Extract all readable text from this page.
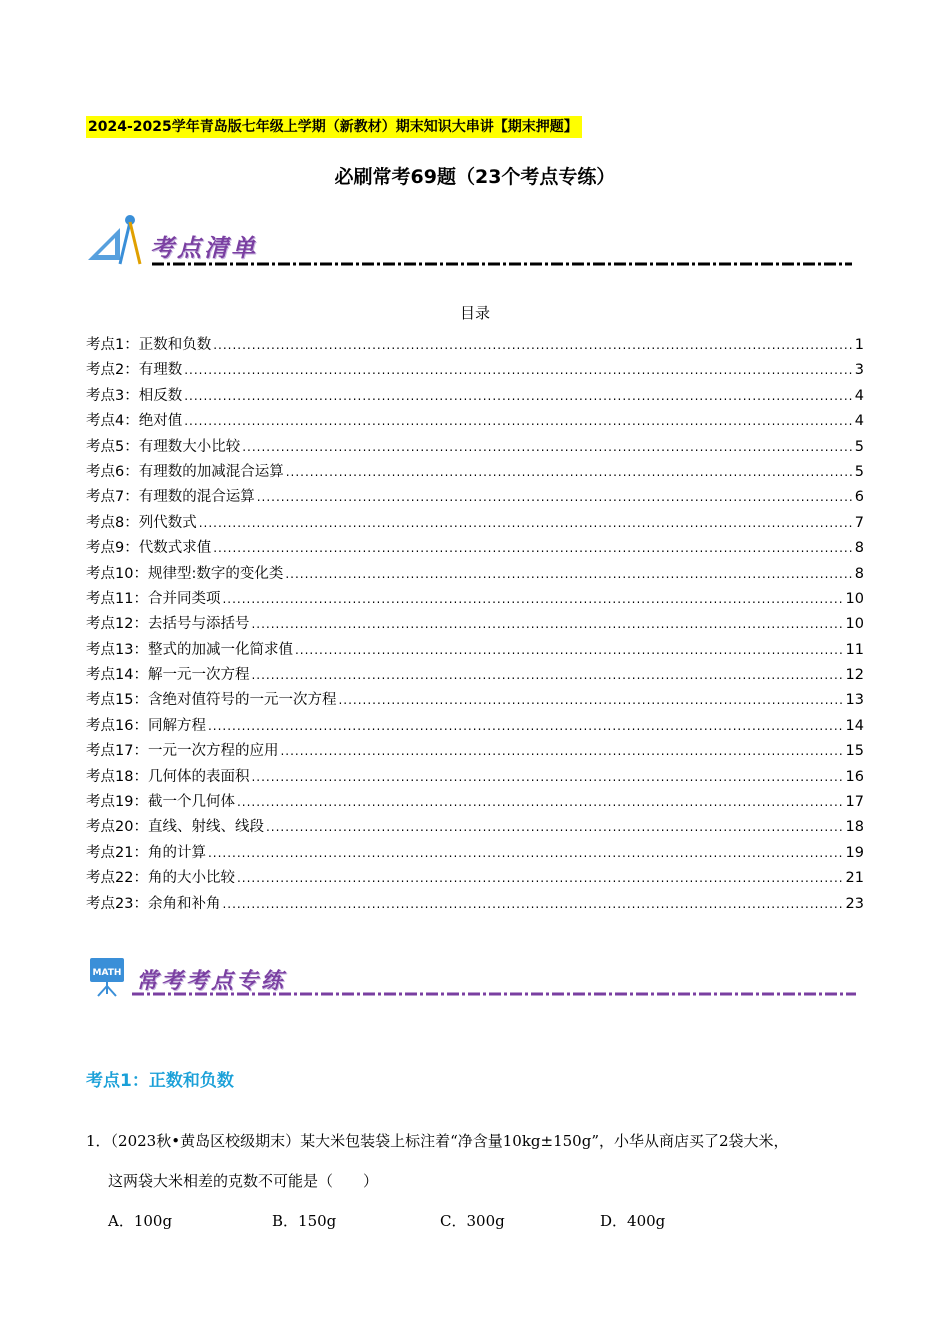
2024-2025学年青岛版七年级上学期（新教材）期末知识大串讲【期末押题】
必刷常考69题（23个考点专练）
考点清单
目录
考点1：正数和负数 .....	1
考点2：有理数 .....	3
考点3：相反数 .....	4
考点4：绝对值 .....	4
考点5：有理数大小比较 .....	5
考点6：有理数的加减混合运算 .....	5
考点7：有理数的混合运算 .....	6
考点8：列代数式 .....	7
考点9：代数式求值 .....	8
考点10：规律型:数字的变化类 .....	8
考点11：合并同类项 .....	10
考点12：去括号与添括号 .....	10
考点13：整式的加减一化简求值 .....	11
考点14：解一元一次方程 .....	12
考点15：含绝对值符号的一元一次方程 .....	13
考点16：同解方程 .....	14
考点17：一元一次方程的应用 .....	15
考点18：几何体的表面积 .....	16
考点19：截一个几何体 .....	17
考点20：直线、射线、线段 .....	18
考点21：角的计算 .....	19
考点22：角的大小比较 .....	21
考点23：余角和补角 .....	23
MATH 常考考点专练
考点1：正数和负数
1．（2023秋•黄岛区校级期末）某大米包装袋上标注着“净含量10kg±150g”，小华从商店买了2袋大米，
这两袋大米相差的克数不可能是（　　）
A．100g	B．150g	C．300g	D．400g
